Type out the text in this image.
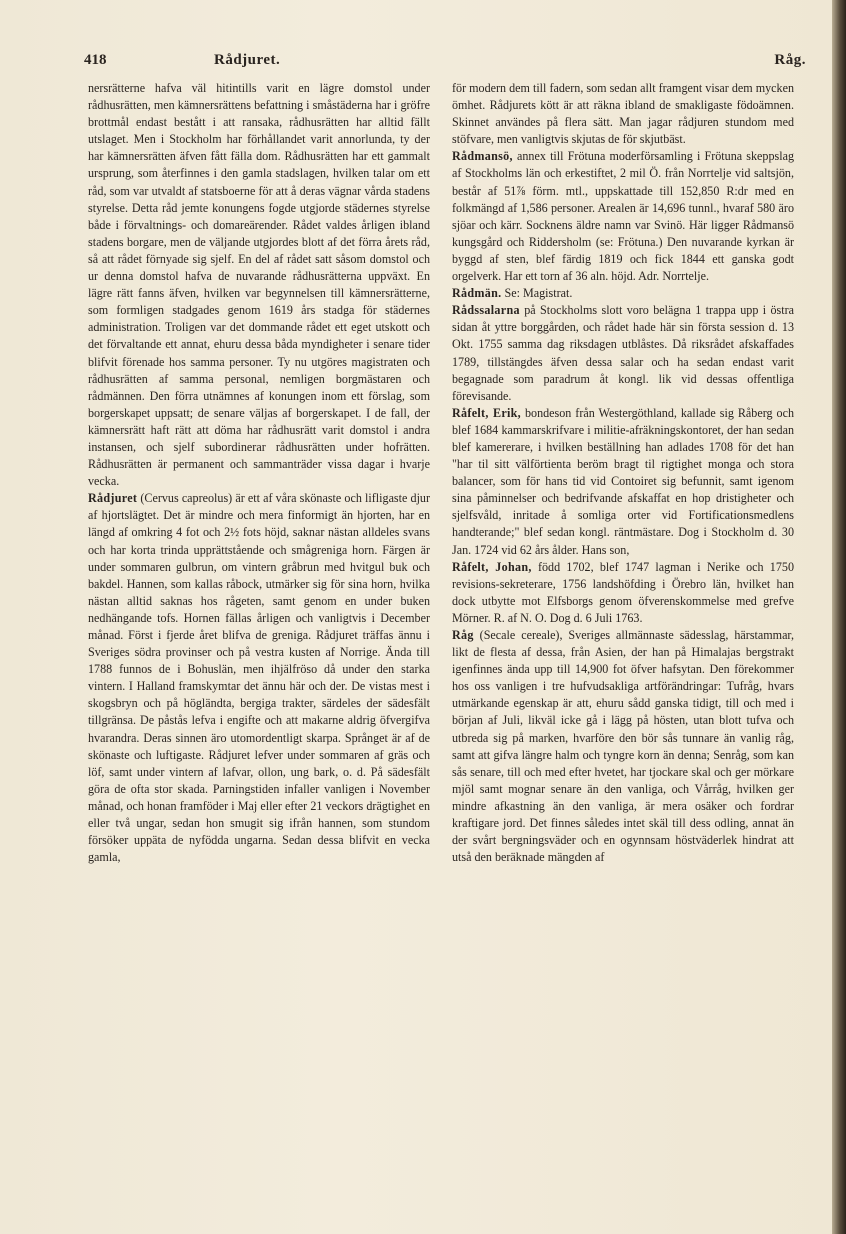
418	Rådjuret.	Råg.

nersrätterne hafva väl hitintills varit en lägre domstol under rådhusrätten, men kämnersrättens befattning i småstäderna har i gröfre brottmål endast bestått i att ransaka, rådhusrätten har alltid fällt utslaget. Men i Stockholm har förhållandet varit annorlunda, ty der har kämnersrätten äfven fått fälla dom. Rådhusrätten har ett gammalt ursprung, som återfinnes i den gamla stadslagen, hvilken talar om ett råd, som var utvaldt af statsboerne för att å deras vägnar vårda stadens styrelse. Detta råd jemte konungens fogde utgjorde städernes styrelse både i förvaltnings- och domareärender. Rådet valdes årligen ibland stadens borgare, men de väljande utgjordes blott af det förra årets råd, så att rådet förnyade sig sjelf. En del af rådet satt såsom domstol och ur denna domstol hafva de nuvarande rådhusrätterna uppväxt. En lägre rätt fanns äfven, hvilken var begynnelsen till kämnersrätterne, som formligen stadgades genom 1619 års stadga för städernes administration. Troligen var det dommande rådet ett eget utskott och det förvaltande ett annat, ehuru dessa båda myndigheter i senare tider blifvit förenade hos samma personer. Ty nu utgöres magistraten och rådhusrätten af samma personal, nemligen borgmästaren och rådmännen. Den förra utnämnes af konungen inom ett förslag, som borgerskapet uppsatt; de senare väljas af borgerskapet. I de fall, der kämnersrätt haft rätt att döma har rådhusrätt varit domstol i andra instansen, och sjelf subordinerar rådhusrätten under hofrätten. Rådhusrätten är permanent och sammanträder vissa dagar i hvarje vecka.

Rådjuret (Cervus capreolus) är ett af våra skönaste och lifligaste djur af hjortslägtet. Det är mindre och mera finformigt än hjorten, har en längd af omkring 4 fot och 2½ fots höjd, saknar nästan alldeles svans och har korta trinda upprättstående och smågreniga horn. Färgen är under sommaren gulbrun, om vintern gråbrun med hvitgul buk och bakdel. Hannen, som kallas råbock, utmärker sig för sina horn, hvilka nästan alltid saknas hos rågeten, samt genom en under buken nedhängande tofs. Hornen fällas årligen och vanligtvis i December månad. Först i fjerde året blifva de greniga. Rådjuret träffas ännu i Sveriges södra provinser och på vestra kusten af Norrige. Ända till 1788 funnos de i Bohuslän, men ihjälfröso då under den starka vintern. I Halland framskymtar det ännu här och der. De vistas mest i skogsbryn och på högländta, bergiga trakter, särdeles der sädesfält tillgränsa. De påstås lefva i engifte och att makarne aldrig öfvergifva hvarandra. Deras sinnen äro utomordentligt skarpa. Språnget är af de skönaste och luftigaste. Rådjuret lefver under sommaren af gräs och löf, samt under vintern af lafvar, ollon, ung bark, o. d. På sädesfält göra de ofta stor skada. Parningstiden infaller vanligen i November månad, och honan framföder i Maj eller efter 21 veckors drägtighet en eller två ungar, sedan hon smugit sig ifrån hannen, som stundom försöker uppäta de nyfödda ungarna. Sedan dessa blifvit en vecka gamla,

för modern dem till fadern, som sedan allt framgent visar dem mycken ömhet. Rådjurets kött är att räkna ibland de smakligaste födoämnen. Skinnet användes på flera sätt. Man jagar rådjuren stundom med stöfvare, men vanligtvis skjutas de för skjutbäst.

Rådmansö, annex till Frötuna moderförsamling i Frötuna skeppslag af Stockholms län och erkestiftet, 2 mil Ö. från Norrtelje vid saltsjön, består af 51⅞ förm. mtl., uppskattade till 152,850 R:dr med en folkmängd af 1,586 personer. Arealen är 14,696 tunnl., hvaraf 580 äro sjöar och kärr. Socknens äldre namn var Svinö. Här ligger Rådmansö kungsgård och Riddersholm (se: Frötuna.) Den nuvarande kyrkan är byggd af sten, blef färdig 1819 och fick 1844 ett ganska godt orgelverk. Har ett torn af 36 aln. höjd. Adr. Norrtelje.

Rådmän. Se: Magistrat.

Rådssalarna på Stockholms slott voro belägna 1 trappa upp i östra sidan åt yttre borggården, och rådet hade här sin första session d. 13 Okt. 1755 samma dag riksdagen utblåstes. Då riksrådet afskaffades 1789, tillstängdes äfven dessa salar och ha sedan endast varit begagnade som paradrum åt kongl. lik vid dessas offentliga förevisande.

Råfelt, Erik, bondeson från Westergöthland, kallade sig Råberg och blef 1684 kammarskrifvare i militie-afräkningskontoret, der han sedan blef kamererare, i hvilken beställning han adlades 1708 för det han "har til sitt välförtienta beröm bragt til rigtighet monga och stora balancer, som för hans tid vid Contoiret sig befunnit, samt igenom sina påminnelser och bedrifvande afskaffat en hop dristigheter och sjelfsvåld, inritade å somliga orter vid Fortificationsmedlens handterande;" blef sedan kongl. räntmästare. Dog i Stockholm d. 30 Jan. 1724 vid 62 års ålder. Hans son,

Råfelt, Johan, född 1702, blef 1747 lagman i Nerike och 1750 revisions-sekreterare, 1756 landshöfding i Örebro län, hvilket han dock utbytte mot Elfsborgs genom öfverenskommelse med grefve Mörner. R. af N. O. Dog d. 6 Juli 1763.

Råg (Secale cereale), Sveriges allmännaste sädesslag, härstammar, likt de flesta af dessa, från Asien, der han på Himalajas bergstrakt igenfinnes ända upp till 14,900 fot öfver hafsytan. Den förekommer hos oss vanligen i tre hufvudsakliga artförändringar: Tufråg, hvars utmärkande egenskap är att, ehuru sådd ganska tidigt, till och med i början af Juli, likväl icke gå i lägg på hösten, utan blott tufva och utbreda sig på marken, hvarföre den bör sås tunnare än vanlig råg, samt att gifva längre halm och tyngre korn än denna; Senråg, som kan sås senare, till och med efter hvetet, har tjockare skal och ger mörkare mjöl samt mognar senare än den vanliga, och Vårråg, hvilken ger mindre afkastning än den vanliga, är mera osäker och fordrar kraftigare jord. Det finnes således intet skäl till dess odling, annat än der svårt bergningsväder och en ogynnsam höstväderlek hindrat att utså den beräknade mängden af
